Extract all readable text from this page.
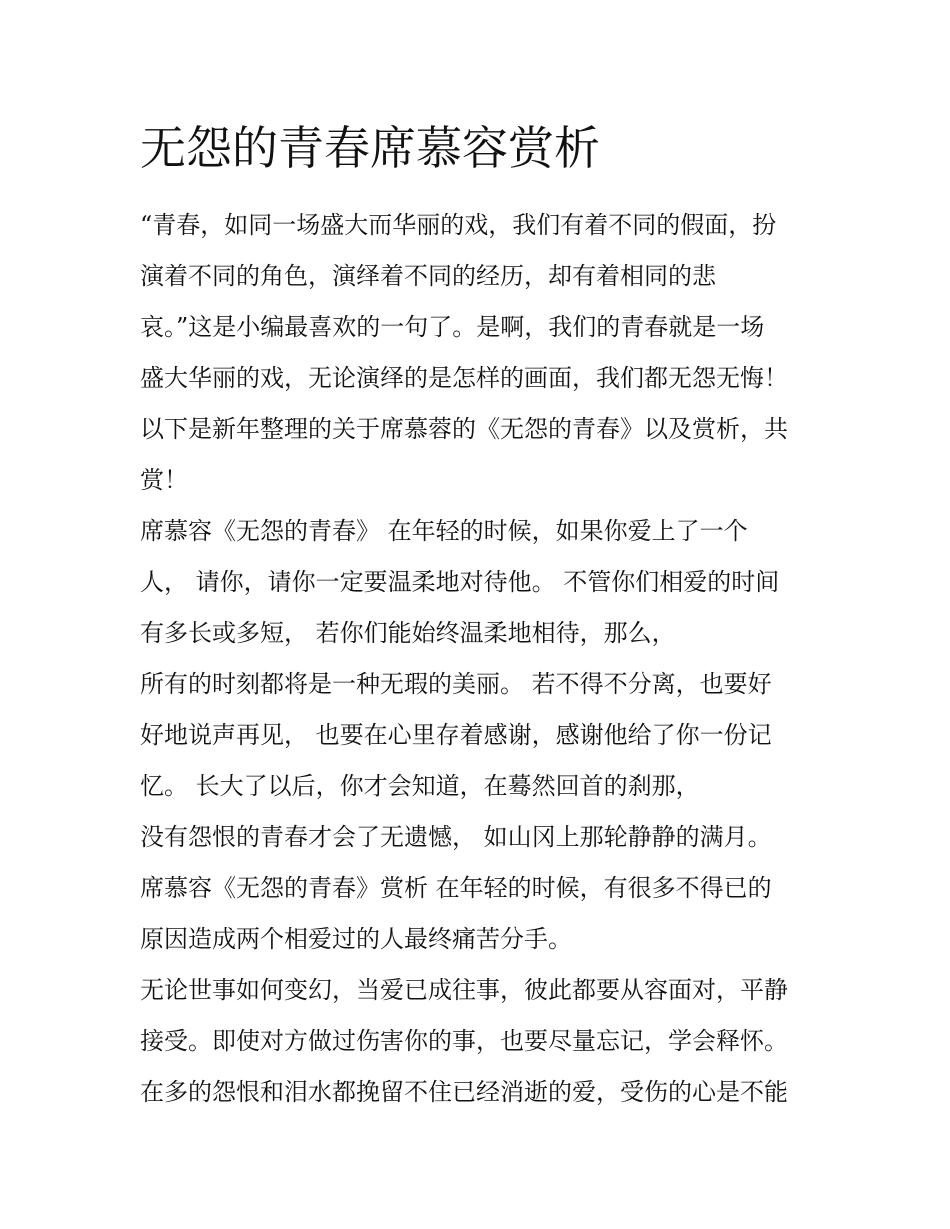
无怨的青春席慕容赏析
“青春，如同一场盛大而华丽的戏，我们有着不同的假面，扮
演着不同的角色，演绎着不同的经历，却有着相同的悲
哀。”这是小编最喜欢的一句了。是啊，我们的青春就是一场
盛大华丽的戏，无论演绎的是怎样的画面，我们都无怨无悔！
以下是新年整理的关于席慕蓉的《无怨的青春》以及赏析，共
赏！
席慕容《无怨的青春》 在年轻的时候，如果你爱上了一个
人， 请你，请你一定要温柔地对待他。 不管你们相爱的时间
有多长或多短， 若你们能始终温柔地相待，那么，
所有的时刻都将是一种无瑕的美丽。 若不得不分离，也要好
好地说声再见， 也要在心里存着感谢，感谢他给了你一份记
忆。 长大了以后，你才会知道，在蓦然回首的刹那，
没有怨恨的青春才会了无遗憾， 如山冈上那轮静静的满月。
席慕容《无怨的青春》赏析 在年轻的时候，有很多不得已的
原因造成两个相爱过的人最终痛苦分手。
无论世事如何变幻，当爱已成往事，彼此都要从容面对，平静
接受。即使对方做过伤害你的事，也要尽量忘记，学会释怀。
在多的怨恨和泪水都挽留不住已经消逝的爱，受伤的心是不能
